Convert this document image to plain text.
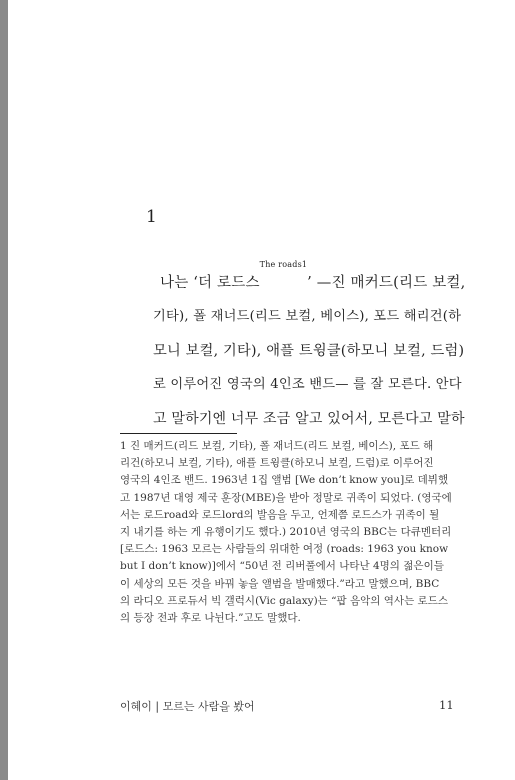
1
나는 ‘더 로드스$^{The roads1}$’ —진 매커드(리드 보컬,
기타), 폴 재너드(리드 보컬, 베이스), 포드 해리건(하
모니 보컬, 기타), 애플 트윙클(하모니 보컬, 드럼)
로 이루어진 영국의 4인조 밴드— 를 잘 모른다. 안다
고 말하기엔 너무 조금 알고 있어서, 모른다고 말하
1 진 매커드(리드 보컬, 기타), 폴 재너드(리드 보컬, 베이스), 포드 해
리건(하모니 보컬, 기타), 애플 트윙클(하모니 보컬, 드럼)로 이루어진
영국의 4인조 밴드. 1963년 1집 앨범 [We don’t know you]로 데뷔했
고 1987년 대영 제국 훈장(MBE)을 받아 정말로 귀족이 되었다. (영국에
서는 로드road와 로드lord의 발음을 두고, 언제쯤 로드스가 귀족이 될
지 내기를 하는 게 유행이기도 했다.) 2010년 영국의 BBC는 다큐멘터리
[로드스: 1963 모르는 사람들의 위대한 여정 (roads: 1963 you know
but I don’t know)]에서 “50년 전 리버풀에서 나타난 4명의 젊은이들
이 세상의 모든 것을 바꿔 놓을 앨범을 발매했다.”라고 말했으며, BBC
의 라디오 프로듀서 빅 갤럭시(Vic galaxy)는 “팝 음악의 역사는 로드스
의 등장 전과 후로 나뉜다.”고도 말했다.
이혜이 | 모르는 사람을 봤어	11
